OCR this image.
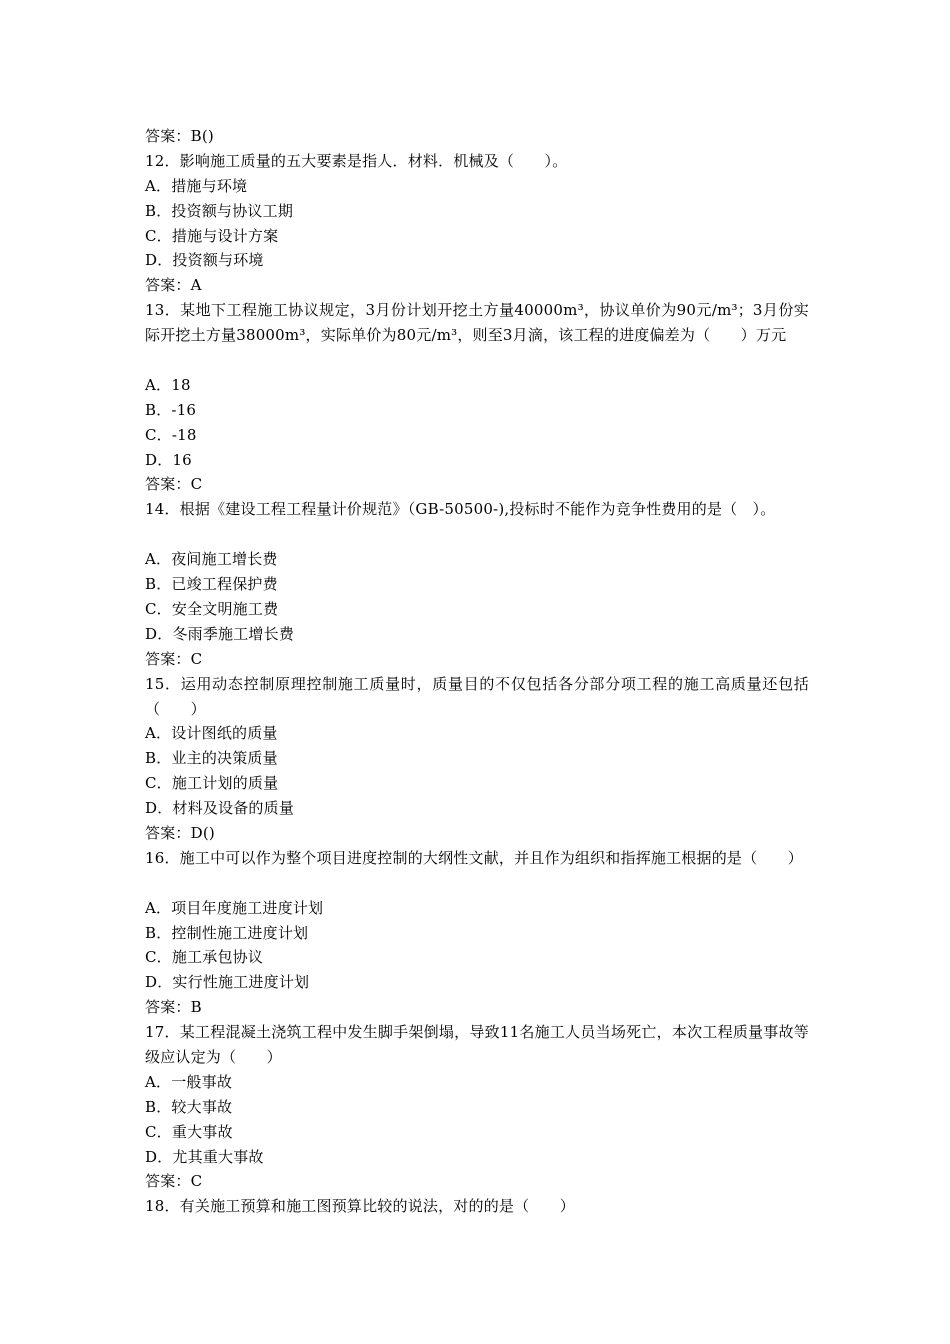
答案：B()
12．影响施工质量的五大要素是指人．材料．机械及（　　）。
A．措施与环境
B．投资额与协议工期
C．措施与设计方案
D．投资额与环境
答案：A
13．某地下工程施工协议规定，3月份计划开挖土方量40000m³，协议单价为90元/m³；3月份实际开挖土方量38000m³，实际单价为80元/m³，则至3月滴，该工程的进度偏差为（　　）万元
A．18
B．-16
C．-18
D．16
答案：C
14．根据《建设工程工程量计价规范》（GB-50500-),投标时不能作为竞争性费用的是（　）。
A．夜间施工增长费
B．已竣工程保护费
C．安全文明施工费
D．冬雨季施工增长费
答案：C
15．运用动态控制原理控制施工质量时，质量目的不仅包括各分部分项工程的施工高质量还包括（　　）
A．设计图纸的质量
B．业主的决策质量
C．施工计划的质量
D．材料及设备的质量
答案：D()
16．施工中可以作为整个项目进度控制的大纲性文献，并且作为组织和指挥施工根据的是（　　）
A．项目年度施工进度计划
B．控制性施工进度计划
C．施工承包协议
D．实行性施工进度计划
答案：B
17．某工程混凝土浇筑工程中发生脚手架倒塌，导致11名施工人员当场死亡，本次工程质量事故等级应认定为（　　）
A．一般事故
B．较大事故
C．重大事故
D．尤其重大事故
答案：C
18．有关施工预算和施工图预算比较的说法，对的的是（　　）
